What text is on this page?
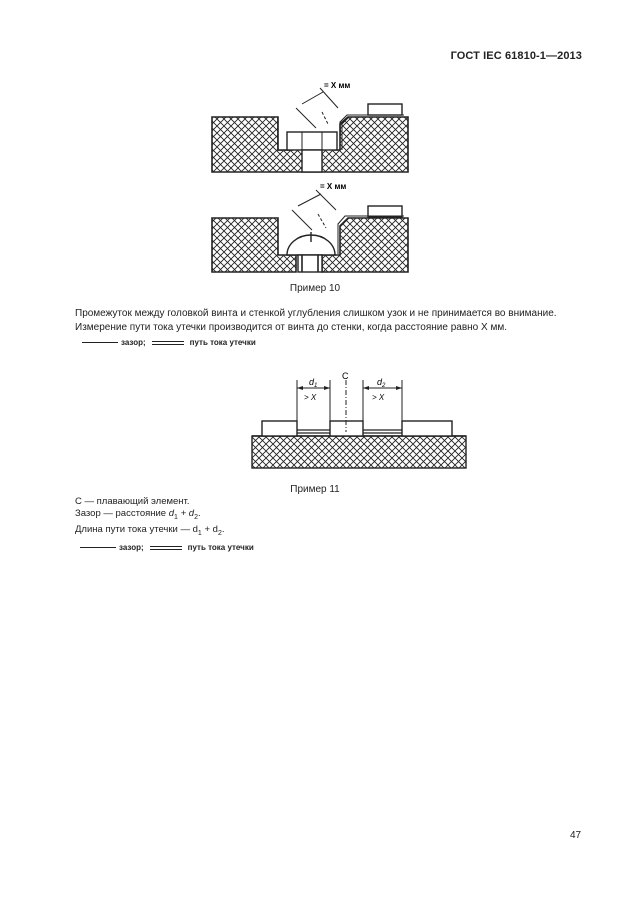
ГОСТ IEC 61810-1—2013
= X мм
= X мм
Пример 10
Промежуток между головкой винта и стенкой углубления слишком узок и не принимается во внимание.
Измерение пути тока утечки производится от винта до стенки, когда расстояние равно X мм.
зазор;	путь тока утечки
C
$d_1$	$d_2$
> X	> X
Пример 11
C — плавающий элемент.
Зазор — расстояние $d_1 + d_2$.
Длина пути тока утечки — $d_1 + d_2$.
зазор;	путь тока утечки
47
